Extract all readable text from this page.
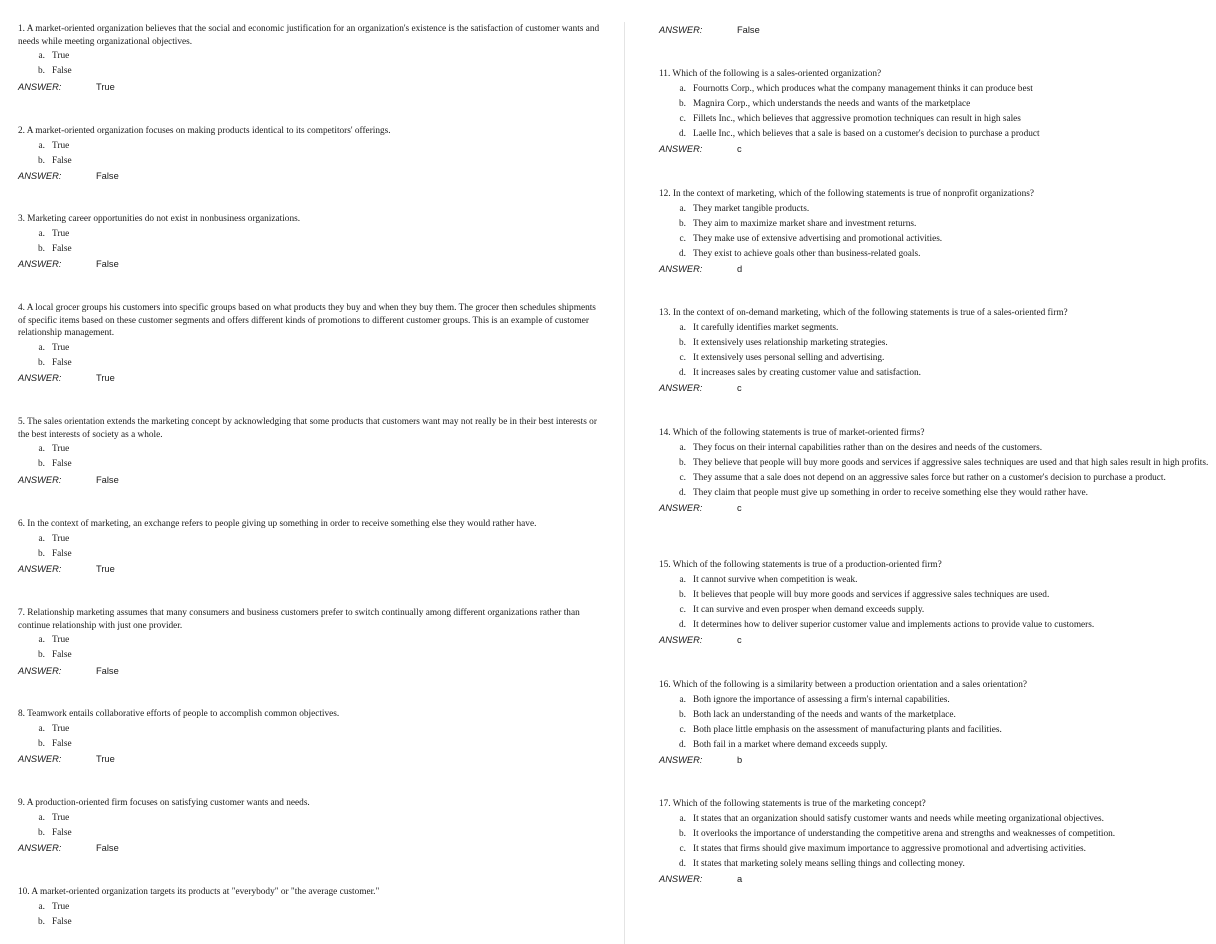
1. A market-oriented organization believes that the social and economic justification for an organization's existence is the satisfaction of customer wants and needs while meeting organizational objectives.

a. True
b. False
ANSWER:	True

2. A market-oriented organization focuses on making products identical to its competitors' offerings.

a. True
b. False
ANSWER:	False

3. Marketing career opportunities do not exist in nonbusiness organizations.

a. True
b. False
ANSWER:	False

4. A local grocer groups his customers into specific groups based on what products they buy and when they buy them. The grocer then schedules shipments of specific items based on these customer segments and offers different kinds of promotions to different customer groups. This is an example of customer relationship management.

a. True
b. False
ANSWER:	True

5. The sales orientation extends the marketing concept by acknowledging that some products that customers want may not really be in their best interests or the best interests of society as a whole.

a. True
b. False
ANSWER:	False

6. In the context of marketing, an exchange refers to people giving up something in order to receive something else they would rather have.

a. True
b. False
ANSWER:	True

7. Relationship marketing assumes that many consumers and business customers prefer to switch continually among different organizations rather than continue relationship with just one provider.

a. True
b. False
ANSWER:	False

8. Teamwork entails collaborative efforts of people to accomplish common objectives.

a. True
b. False
ANSWER:	True

9. A production-oriented firm focuses on satisfying customer wants and needs.

a. True
b. False
ANSWER:	False

10. A market-oriented organization targets its products at "everybody" or "the average customer."

a. True
b. False
ANSWER:	False

11. Which of the following is a sales-oriented organization?

a. Fournotts Corp., which produces what the company management thinks it can produce best
b. Magnira Corp., which understands the needs and wants of the marketplace
c. Fillets Inc., which believes that aggressive promotion techniques can result in high sales
d. Laelle Inc., which believes that a sale is based on a customer's decision to purchase a product
ANSWER:	c

12. In the context of marketing, which of the following statements is true of nonprofit organizations?

a. They market tangible products.
b. They aim to maximize market share and investment returns.
c. They make use of extensive advertising and promotional activities.
d. They exist to achieve goals other than business-related goals.
ANSWER:	d

13. In the context of on-demand marketing, which of the following statements is true of a sales-oriented firm?

a. It carefully identifies market segments.
b. It extensively uses relationship marketing strategies.
c. It extensively uses personal selling and advertising.
d. It increases sales by creating customer value and satisfaction.
ANSWER:	c

14. Which of the following statements is true of market-oriented firms?

a. They focus on their internal capabilities rather than on the desires and needs of the customers.
b. They believe that people will buy more goods and services if aggressive sales techniques are used and that high sales result in high profits.
c. They assume that a sale does not depend on an aggressive sales force but rather on a customer's decision to purchase a product.
d. They claim that people must give up something in order to receive something else they would rather have.
ANSWER:	c

15. Which of the following statements is true of a production-oriented firm?

a. It cannot survive when competition is weak.
b. It believes that people will buy more goods and services if aggressive sales techniques are used.
c. It can survive and even prosper when demand exceeds supply.
d. It determines how to deliver superior customer value and implements actions to provide value to customers.
ANSWER:	c

16. Which of the following is a similarity between a production orientation and a sales orientation?

a. Both ignore the importance of assessing a firm's internal capabilities.
b. Both lack an understanding of the needs and wants of the marketplace.
c. Both place little emphasis on the assessment of manufacturing plants and facilities.
d. Both fail in a market where demand exceeds supply.
ANSWER:	b

17. Which of the following statements is true of the marketing concept?

a. It states that an organization should satisfy customer wants and needs while meeting organizational objectives.
b. It overlooks the importance of understanding the competitive arena and strengths and weaknesses of competition.
c. It states that firms should give maximum importance to aggressive promotional and advertising activities.
d. It states that marketing solely means selling things and collecting money.
ANSWER:	a
